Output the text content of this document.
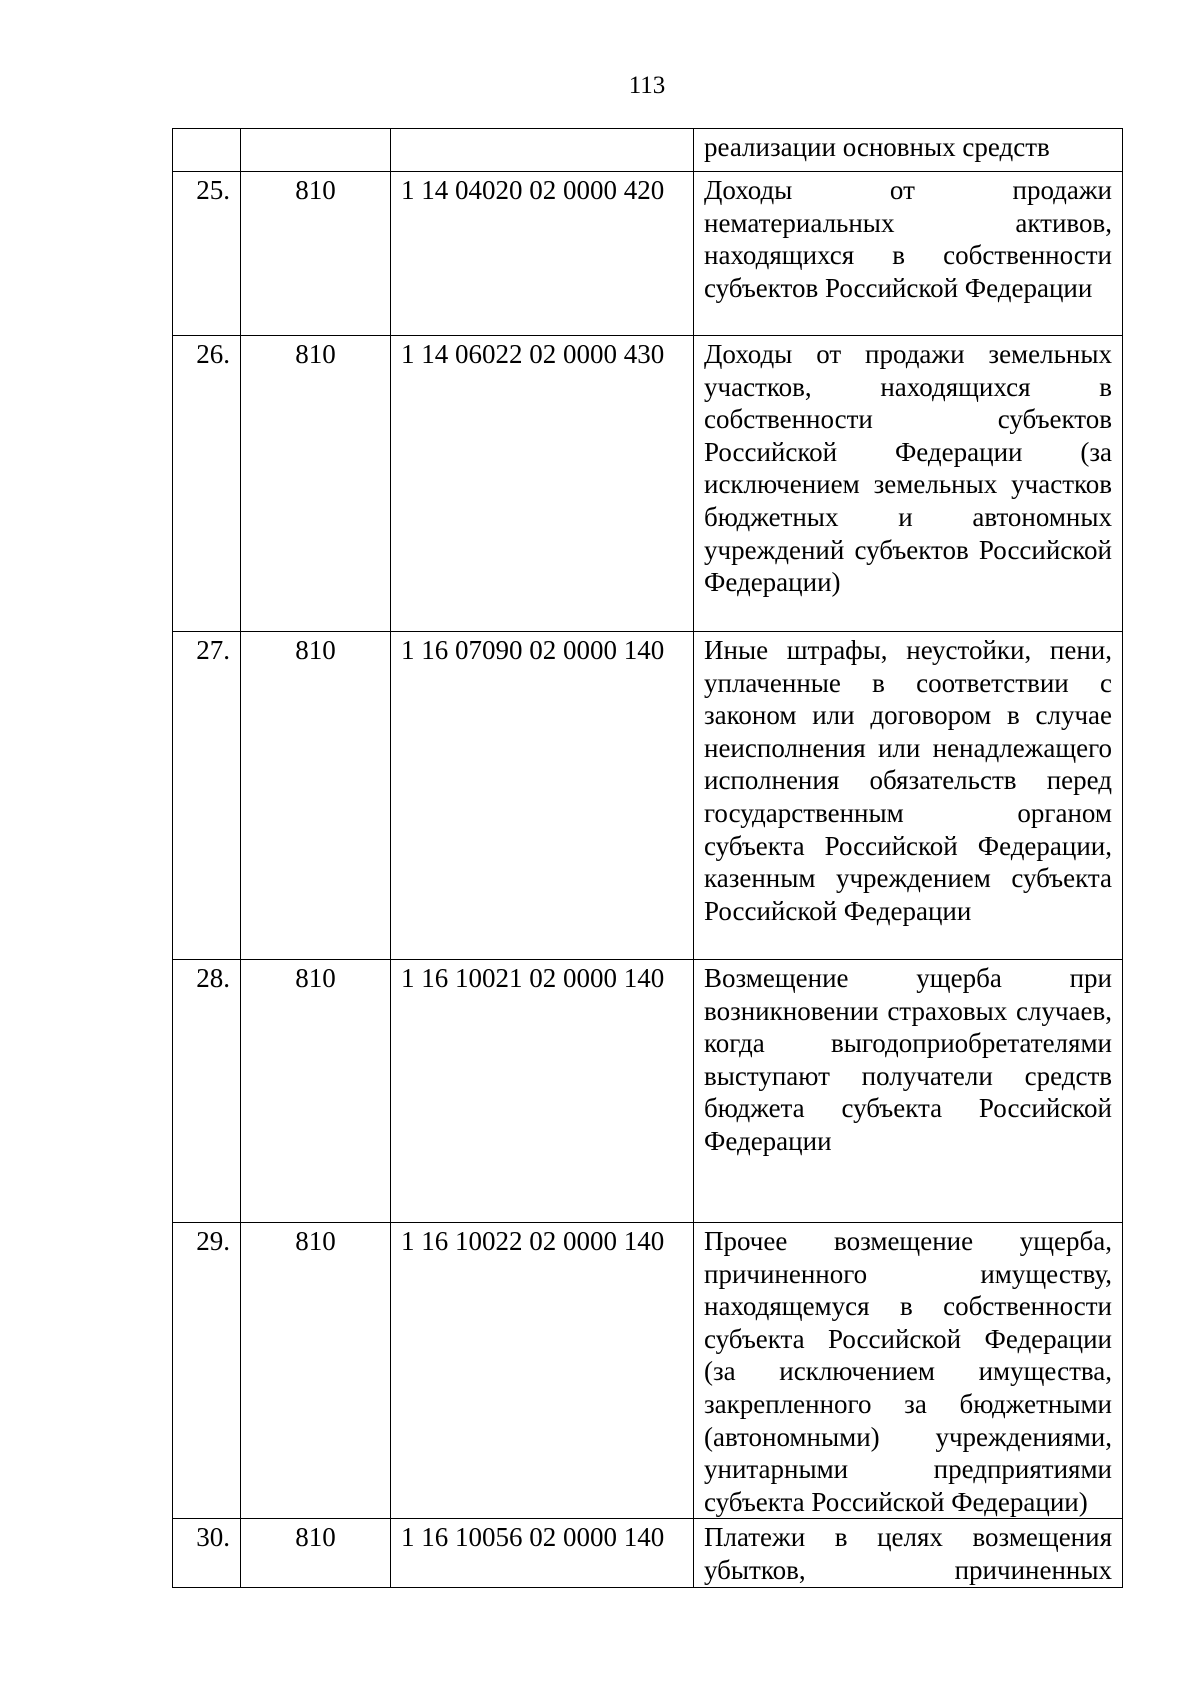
113
			реализации основных средств
25.	810	1 14 04020 02 0000 420	Доходы от продажи нематериальных активов, находящихся в собственности субъектов Российской Федерации
26.	810	1 14 06022 02 0000 430	Доходы от продажи земельных участков, находящихся в собственности субъектов Российской Федерации (за исключением земельных участков бюджетных и автономных учреждений субъектов Российской Федерации)
27.	810	1 16 07090 02 0000 140	Иные штрафы, неустойки, пени, уплаченные в соответствии с законом или договором в случае неисполнения или ненадлежащего исполнения обязательств перед государственным органом субъекта Российской Федерации, казенным учреждением субъекта Российской Федерации
28.	810	1 16 10021 02 0000 140	Возмещение ущерба при возникновении страховых случаев, когда выгодоприобретателями выступают получатели средств бюджета субъекта Российской Федерации
29.	810	1 16 10022 02 0000 140	Прочее возмещение ущерба, причиненного имуществу, находящемуся в собственности субъекта Российской Федерации (за исключением имущества, закрепленного за бюджетными (автономными) учреждениями, унитарными предприятиями субъекта Российской Федерации)
30.	810	1 16 10056 02 0000 140	Платежи в целях возмещения убытков, причиненных
